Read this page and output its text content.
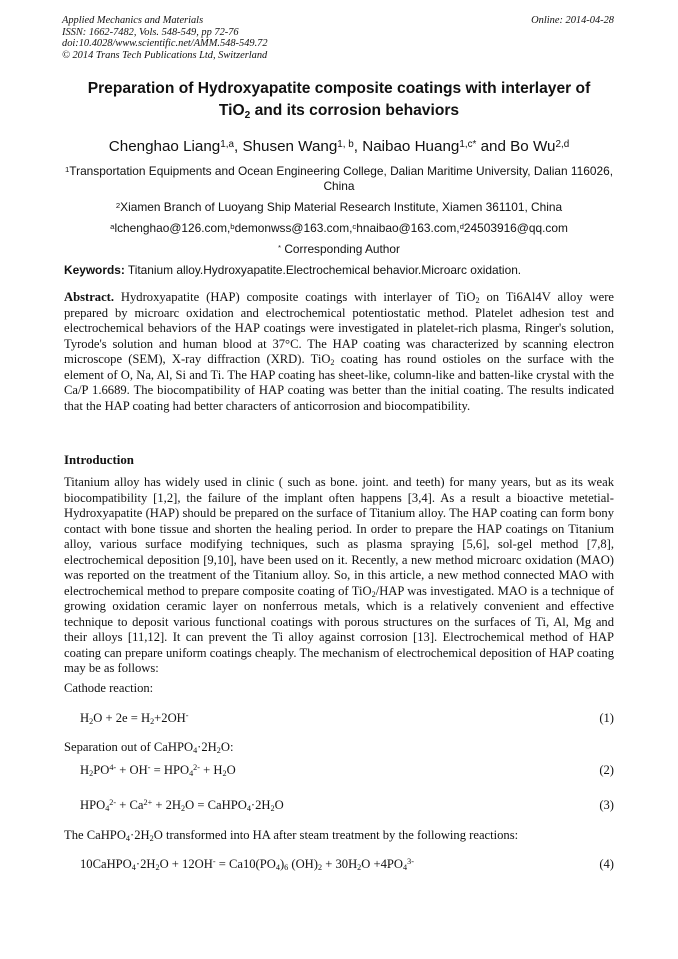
Applied Mechanics and Materials
ISSN: 1662-7482, Vols. 548-549, pp 72-76
doi:10.4028/www.scientific.net/AMM.548-549.72
© 2014 Trans Tech Publications Ltd, Switzerland
Online: 2014-04-28
Preparation of Hydroxyapatite composite coatings with interlayer of
TiO$_2$ and its corrosion behaviors
Chenghao Liang$^{1,a}$, Shusen Wang$^{1, b}$, Naibao Huang$^{1,c*}$ and Bo Wu$^{2,d}$
$^1$Transportation Equipments and Ocean Engineering College, Dalian Maritime University, Dalian 116026, China
$^2$Xiamen Branch of Luoyang Ship Material Research Institute, Xiamen 361101, China
$^a$lchenghao@126.com,$^b$demonwss@163.com,$^c$hnaibao@163.com,$^d$24503916@qq.com
* Corresponding Author
Keywords: Titanium alloy.Hydroxyapatite.Electrochemical behavior.Microarc oxidation.
Abstract. Hydroxyapatite (HAP) composite coatings with interlayer of TiO$_2$ on Ti6Al4V alloy were prepared by microarc oxidation and electrochemical potentiostatic method. Platelet adhesion test and electrochemical behaviors of the HAP coatings were investigated in platelet-rich plasma, Ringer's solution, Tyrode's solution and human blood at 37°C. The HAP coating was characterized by scanning electron microscope (SEM), X-ray diffraction (XRD). TiO$_2$ coating has round ostioles on the surface with the element of O, Na, Al, Si and Ti. The HAP coating has sheet-like, column-like and batten-like crystal with the Ca/P 1.6689. The biocompatibility of HAP coating was better than the initial coating. The results indicated that the HAP coating had better characters of anticorrosion and biocompatibility.
Introduction
Titanium alloy has widely used in clinic ( such as bone. joint. and teeth) for many years, but as its weak biocompatibility [1,2], the failure of the implant often happens [3,4]. As a result a bioactive metetial- Hydroxyapatite (HAP) should be prepared on the surface of Titanium alloy. The HAP coating can form bony contact with bone tissue and shorten the healing period. In order to prepare the HAP coatings on Titanium alloy, various surface modifying techniques, such as plasma spraying [5,6], sol-gel method [7,8], electrochemical deposition [9,10], have been used on it. Recently, a new method microarc oxidation (MAO) was reported on the treatment of the Titanium alloy. So, in this article, a new method connected MAO with electrochemical method to prepare composite coating of TiO$_2$/HAP was investigated. MAO is a technique of growing oxidation ceramic layer on nonferrous metals, which is a relatively convenient and effective technique to deposit various functional coatings with porous structures on the surfaces of Ti, Al, Mg and their alloys [11,12]. It can prevent the Ti alloy against corrosion [13]. Electrochemical method of HAP coating can prepare uniform coatings cheaply. The mechanism of electrochemical deposition of HAP coating may be as follows:
Cathode reaction:
$H_2O + 2e = H_2+2OH^-$	(1)
Separation out of $CaHPO_4\cdot 2H_2O$:
$H_2PO^{4-} + OH^- = HPO_4^{2-} + H_2O$	(2)
$HPO_4^{2-} + Ca^{2+} + 2H_2O$ = $CaHPO_4\cdot 2H_2O$	(3)
The $CaHPO_4\cdot 2H_2O$ transformed into HA after steam treatment by the following reactions:
$10CaHPO_4\cdot 2H_2O + 12OH^- = Ca10(PO_4)_6$ $(OH)_2 + 30H_2O +4PO_4^{3-}$	(4)
